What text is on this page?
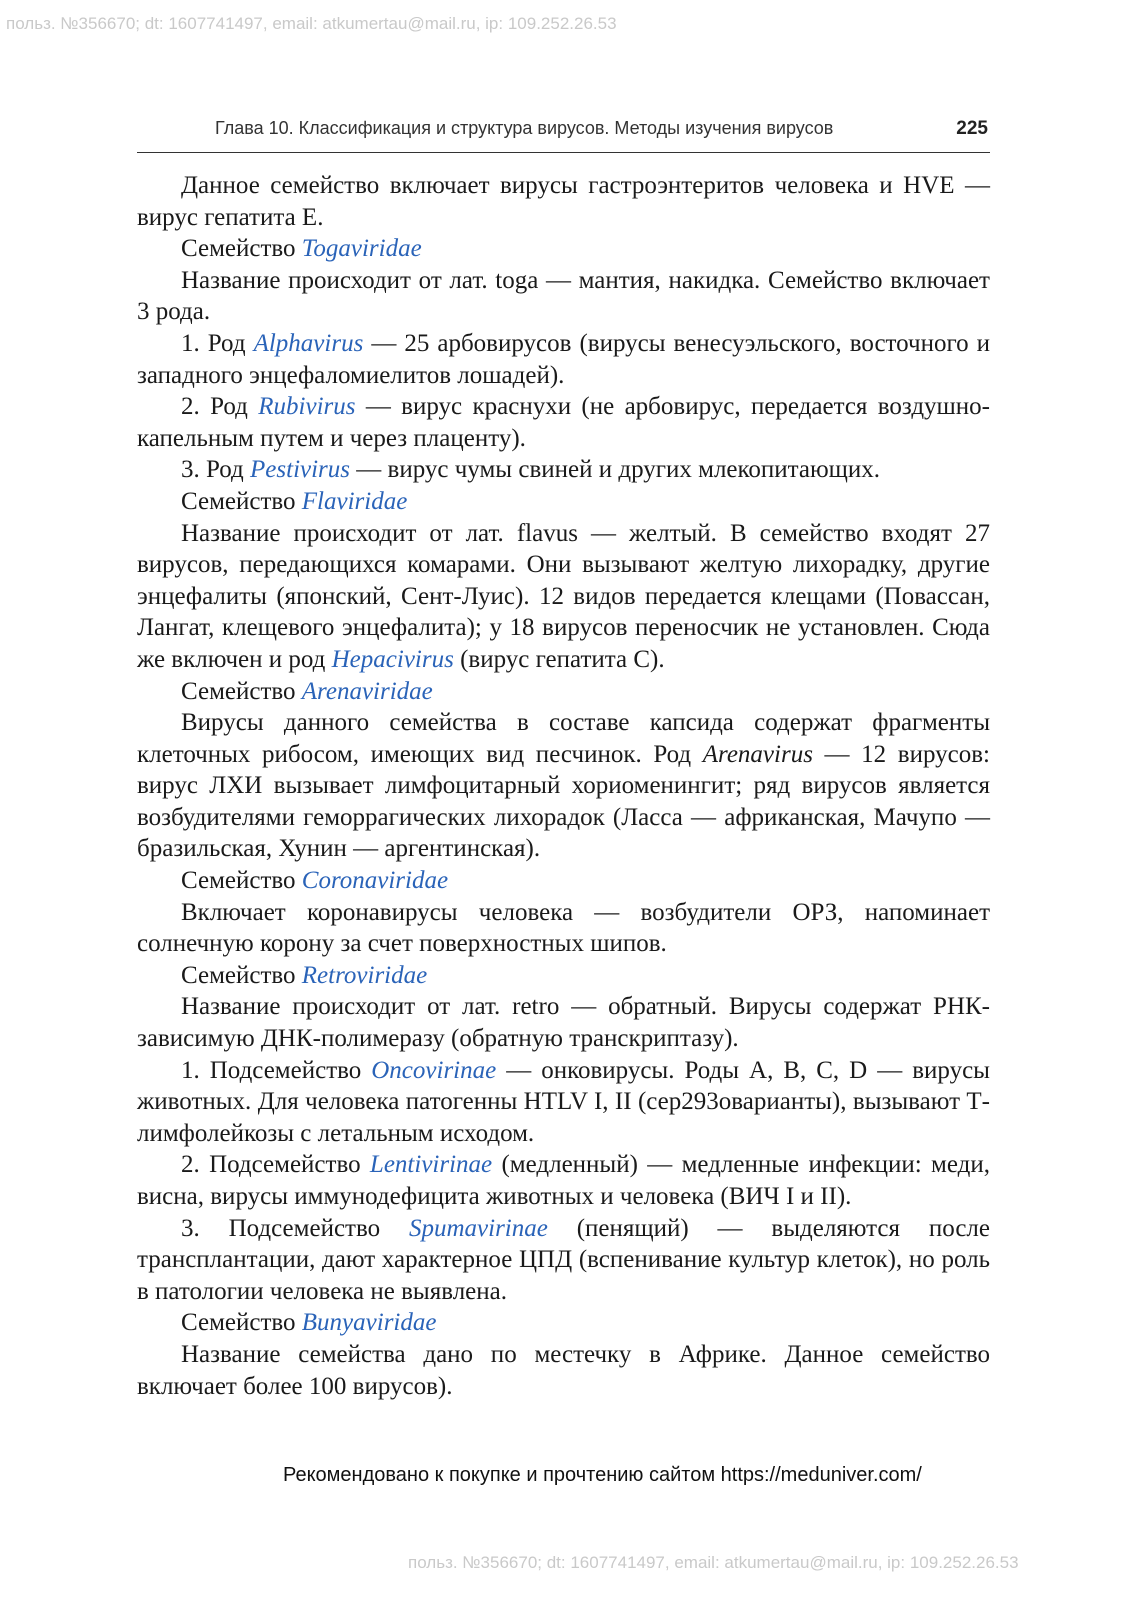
польз. №356670; dt: 1607741497, email: atkumertau@mail.ru, ip: 109.252.26.53
Глава 10. Классификация и структура вирусов. Методы изучения вирусов	225

Данное семейство включает вирусы гастроэнтеритов человека и HVE — вирус гепатита Е.

Семейство Togaviridae

Название происходит от лат. toga — мантия, накидка. Семейство включает 3 рода.

1. Род Alphavirus — 25 арбовирусов (вирусы венесуэльского, восточного и западного энцефаломиелитов лошадей).

2. Род Rubivirus — вирус краснухи (не арбовирус, передается воздушно-капельным путем и через плаценту).

3. Род Pestivirus — вирус чумы свиней и других млекопитающих.

Семейство Flaviridae

Название происходит от лат. flavus — желтый. В семейство входят 27 вирусов, передающихся комарами. Они вызывают желтую лихорадку, другие энцефалиты (японский, Сент-Луис). 12 видов передается клещами (Повассан, Лангат, клещевого энцефалита); у 18 вирусов переносчик не установлен. Сюда же включен и род Hepacivirus (вирус гепатита С).

Семейство Arenaviridae

Вирусы данного семейства в составе капсида содержат фрагменты клеточных рибосом, имеющих вид песчинок. Род Arenavirus — 12 вирусов: вирус ЛХИ вызывает лимфоцитарный хориоменингит; ряд вирусов является возбудителями геморрагических лихорадок (Ласса — африканская, Мачупо — бразильская, Хунин — аргентинская).

Семейство Coronaviridae

Включает коронавирусы человека — возбудители ОРЗ, напоминает солнечную корону за счет поверхностных шипов.

Семейство Retroviridae

Название происходит от лат. retro — обратный. Вирусы содержат РНК-зависимую ДНК-полимеразу (обратную транскриптазу).

1. Подсемейство Oncovirinae — онковирусы. Роды А, В, С, D — вирусы животных. Для человека патогенны HTLV I, II (сер293оварианты), вызывают Т-лимфолейкозы с летальным исходом.

2. Подсемейство Lentivirinae (медленный) — медленные инфекции: меди, висна, вирусы иммунодефицита животных и человека (ВИЧ I и II).

3. Подсемейство Spumavirinae (пенящий) — выделяются после трансплантации, дают характерное ЦПД (вспенивание культур клеток), но роль в патологии человека не выявлена.

Семейство Bunyaviridae

Название семейства дано по местечку в Африке. Данное семейство включает более 100 вирусов).

Рекомендовано к покупке и прочтению сайтом https://meduniver.com/
польз. №356670; dt: 1607741497, email: atkumertau@mail.ru, ip: 109.252.26.53
